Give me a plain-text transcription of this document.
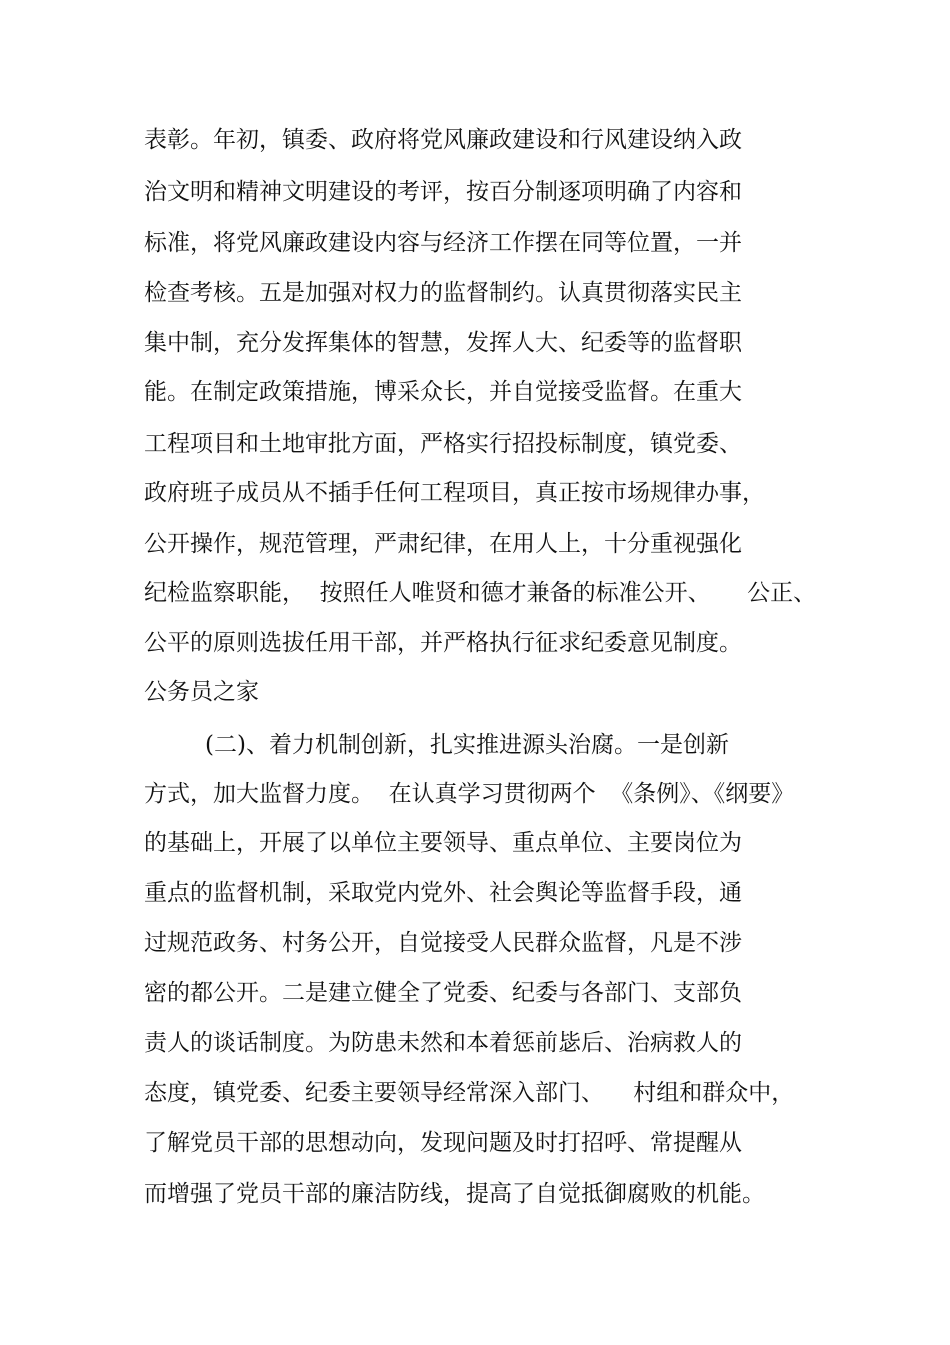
表彰。年初，镇委、政府将党风廉政建设和行风建设纳入政
治文明和精神文明建设的考评，按百分制逐项明确了内容和
标准，将党风廉政建设内容与经济工作摆在同等位置，一并
检查考核。五是加强对权力的监督制约。认真贯彻落实民主
集中制，充分发挥集体的智慧，发挥人大、纪委等的监督职
能。在制定政策措施，博采众长，并自觉接受监督。在重大
工程项目和土地审批方面，严格实行招投标制度，镇党委、
政府班子成员从不插手任何工程项目，真正按市场规律办事，
公开操作，规范管理，严肃纪律，在用人上，十分重视强化
纪检监察职能，  按照任人唯贤和德才兼备的标准公开、     公正、
公平的原则选拔任用干部，并严格执行征求纪委意见制度。
公务员之家
(二)、着力机制创新，扎实推进源头治腐。一是创新
方式，加大监督力度。  在认真学习贯彻两个  《条例》、《纲要》
的基础上，开展了以单位主要领导、重点单位、主要岗位为
重点的监督机制，采取党内党外、社会舆论等监督手段，通
过规范政务、村务公开，自觉接受人民群众监督，凡是不涉
密的都公开。二是建立健全了党委、纪委与各部门、支部负
责人的谈话制度。为防患未然和本着惩前毖后、治病救人的
态度，镇党委、纪委主要领导经常深入部门、    村组和群众中，
了解党员干部的思想动向，发现问题及时打招呼、常提醒从
而增强了党员干部的廉洁防线，提高了自觉抵御腐败的机能。
